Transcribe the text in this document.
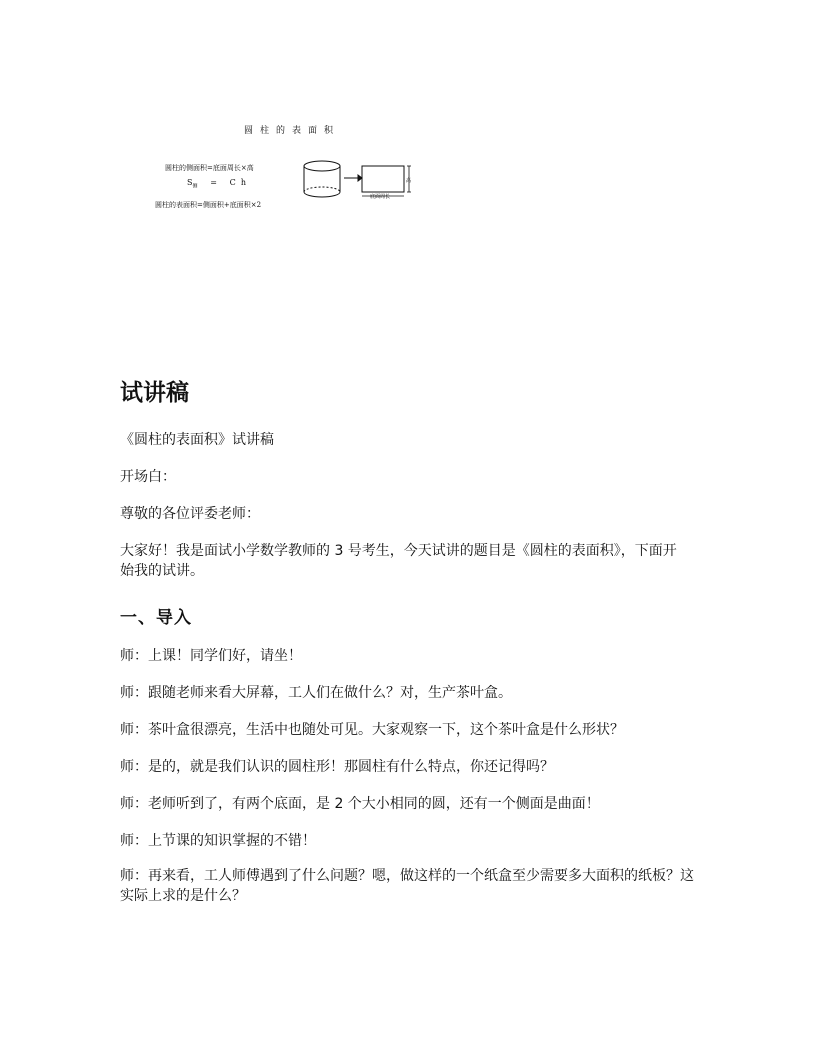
圆柱的表面积
圆柱的侧面积=底面周长×高
$S_侧 = C$ h
圆柱的表面积=侧面积+底面积×2
高
底面周长
试讲稿

《圆柱的表面积》试讲稿

开场白：

尊敬的各位评委老师：

大家好！我是面试小学数学教师的 3 号考生，今天试讲的题目是《圆柱的表面积》，下面开始我的试讲。

一、导入

师：上课！同学们好，请坐！

师：跟随老师来看大屏幕，工人们在做什么？对，生产茶叶盒。

师：茶叶盒很漂亮，生活中也随处可见。大家观察一下，这个茶叶盒是什么形状？

师：是的，就是我们认识的圆柱形！那圆柱有什么特点，你还记得吗？

师：老师听到了，有两个底面，是 2 个大小相同的圆，还有一个侧面是曲面！

师：上节课的知识掌握的不错！

师：再来看，工人师傅遇到了什么问题？嗯，做这样的一个纸盒至少需要多大面积的纸板？这实际上求的是什么？
